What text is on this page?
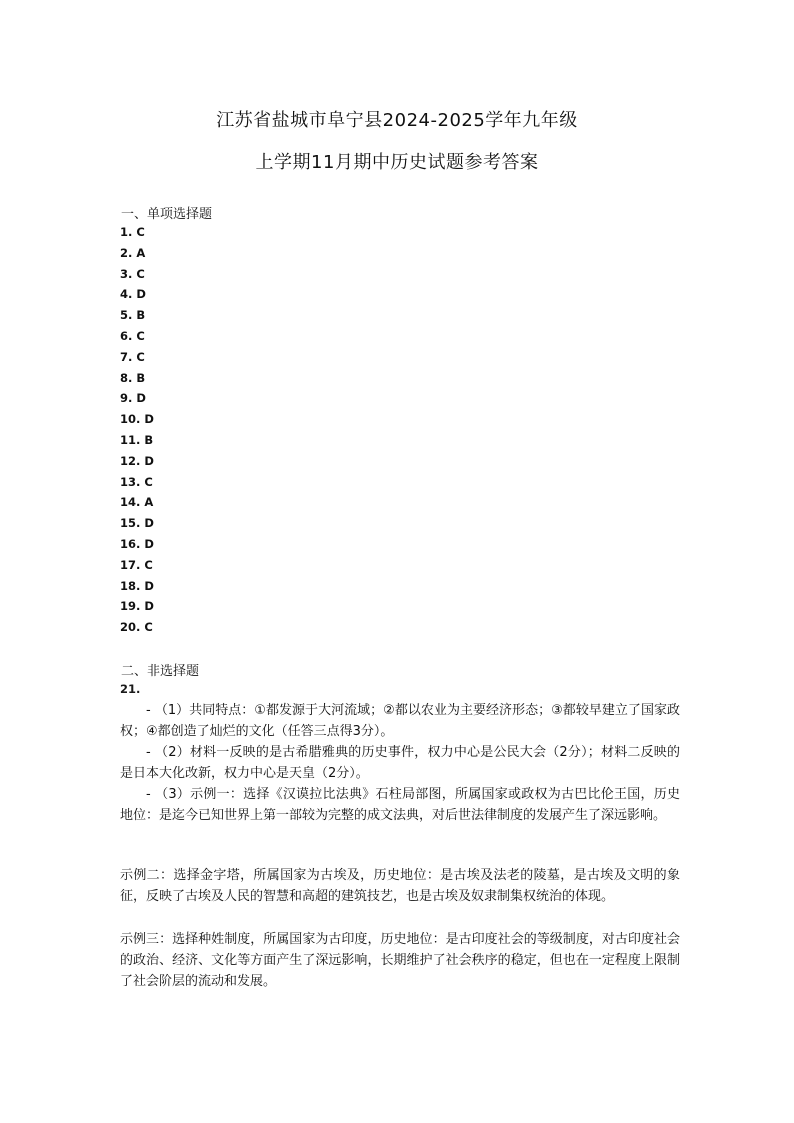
江苏省盐城市阜宁县2024-2025学年九年级
上学期11月期中历史试题参考答案
一、单项选择题
1. C
2. A
3. C
4. D
5. B
6. C
7. C
8. B
9. D
10. D
11. B
12. D
13. C
14. A
15. D
16. D
17. C
18. D
19. D
20. C
二、非选择题
21.
- （1）共同特点：①都发源于大河流域；②都以农业为主要经济形态；③都较早建立了国家政权；④都创造了灿烂的文化（任答三点得3分）。
- （2）材料一反映的是古希腊雅典的历史事件，权力中心是公民大会（2分）；材料二反映的是日本大化改新，权力中心是天皇（2分）。
- （3）示例一：选择《汉谟拉比法典》石柱局部图，所属国家或政权为古巴比伦王国，历史地位：是迄今已知世界上第一部较为完整的成文法典，对后世法律制度的发展产生了深远影响。
示例二：选择金字塔，所属国家为古埃及，历史地位：是古埃及法老的陵墓，是古埃及文明的象征，反映了古埃及人民的智慧和高超的建筑技艺，也是古埃及奴隶制集权统治的体现。
示例三：选择种姓制度，所属国家为古印度，历史地位：是古印度社会的等级制度，对古印度社会的政治、经济、文化等方面产生了深远影响，长期维护了社会秩序的稳定，但也在一定程度上限制了社会阶层的流动和发展。
